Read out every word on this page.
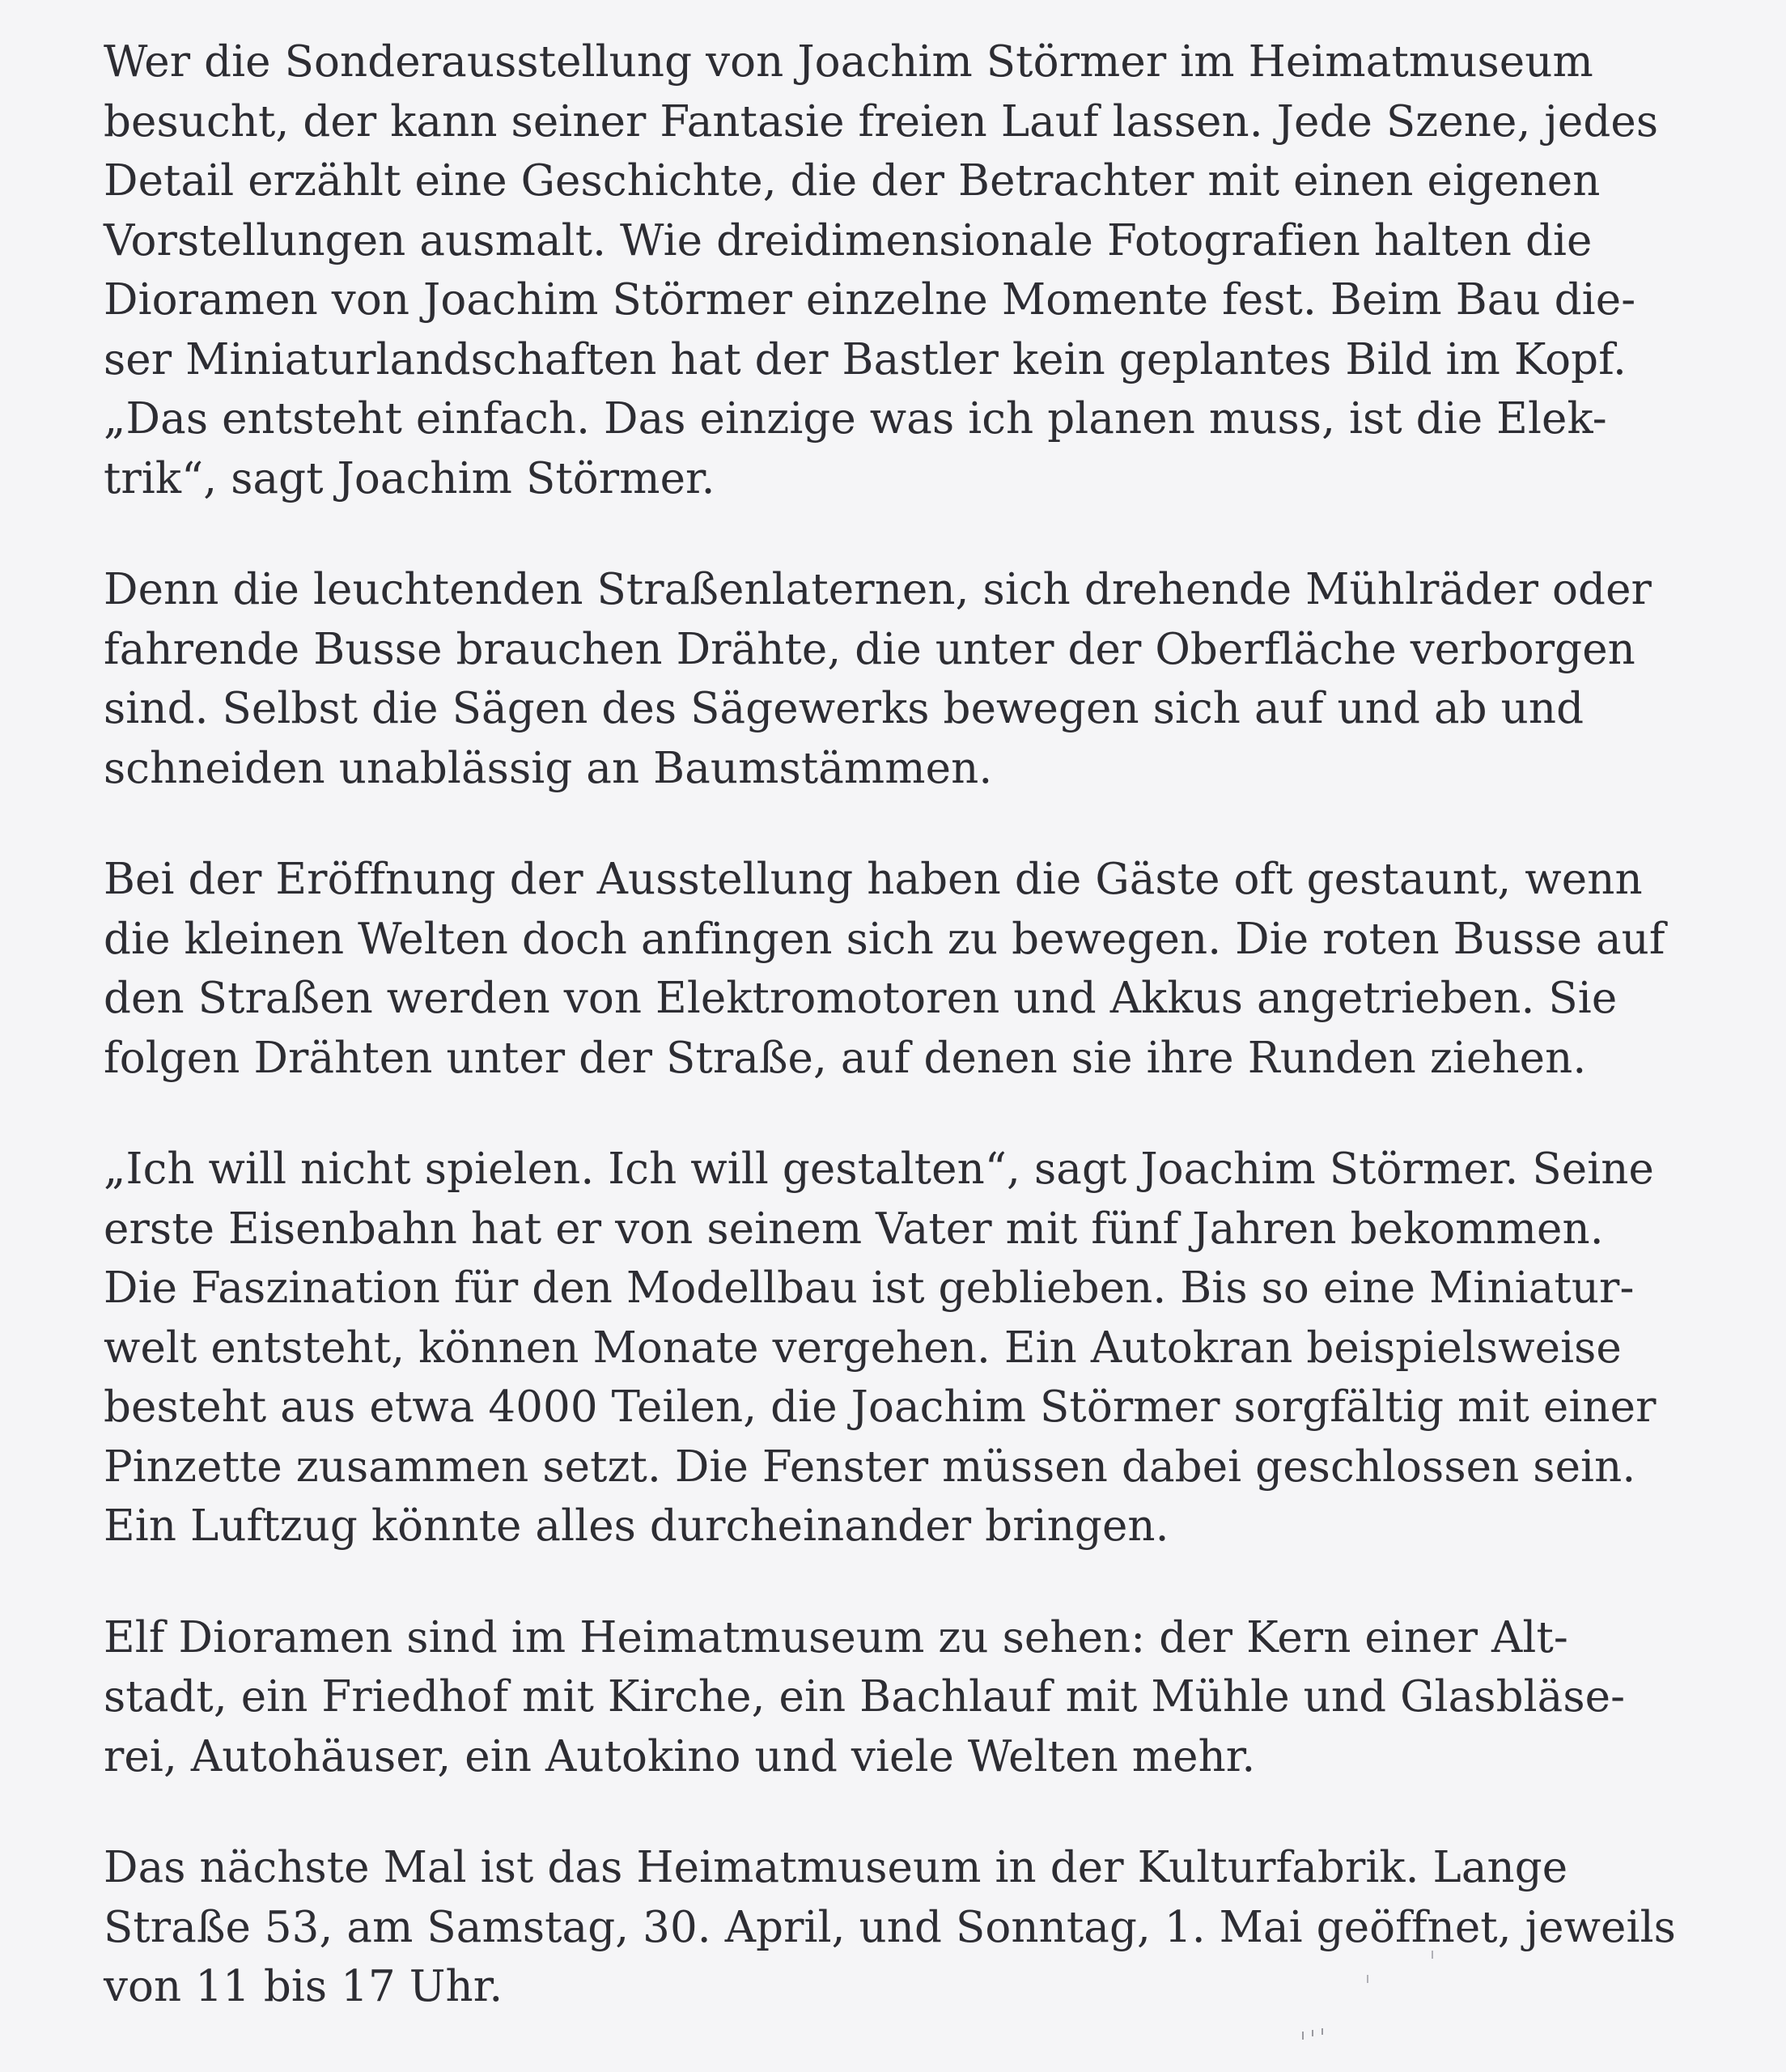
Wer die Sonderausstellung von Joachim Störmer im Heimatmuseum
besucht, der kann seiner Fantasie freien Lauf lassen. Jede Szene, jedes
Detail erzählt eine Geschichte, die der Betrachter mit einen eigenen
Vorstellungen ausmalt. Wie dreidimensionale Fotografien halten die
Dioramen von Joachim Störmer einzelne Momente fest. Beim Bau die-
ser Miniaturlandschaften hat der Bastler kein geplantes Bild im Kopf.
„Das entsteht einfach. Das einzige was ich planen muss, ist die Elek-
trik“, sagt Joachim Störmer.

Denn die leuchtenden Straßenlaternen, sich drehende Mühlräder oder
fahrende Busse brauchen Drähte, die unter der Oberfläche verborgen
sind. Selbst die Sägen des Sägewerks bewegen sich auf und ab und
schneiden unablässig an Baumstämmen.

Bei der Eröffnung der Ausstellung haben die Gäste oft gestaunt, wenn
die kleinen Welten doch anfingen sich zu bewegen. Die roten Busse auf
den Straßen werden von Elektromotoren und Akkus angetrieben. Sie
folgen Drähten unter der Straße, auf denen sie ihre Runden ziehen.

„Ich will nicht spielen. Ich will gestalten“, sagt Joachim Störmer. Seine
erste Eisenbahn hat er von seinem Vater mit fünf Jahren bekommen.
Die Faszination für den Modellbau ist geblieben. Bis so eine Miniatur-
welt entsteht, können Monate vergehen. Ein Autokran beispielsweise
besteht aus etwa 4000 Teilen, die Joachim Störmer sorgfältig mit einer
Pinzette zusammen setzt. Die Fenster müssen dabei geschlossen sein.
Ein Luftzug könnte alles durcheinander bringen.

Elf Dioramen sind im Heimatmuseum zu sehen: der Kern einer Alt-
stadt, ein Friedhof mit Kirche, ein Bachlauf mit Mühle und Glasbläse-
rei, Autohäuser, ein Autokino und viele Welten mehr.

Das nächste Mal ist das Heimatmuseum in der Kulturfabrik. Lange
Straße 53, am Samstag, 30. April, und Sonntag, 1. Mai geöffnet, jeweils
von 11 bis 17 Uhr.
